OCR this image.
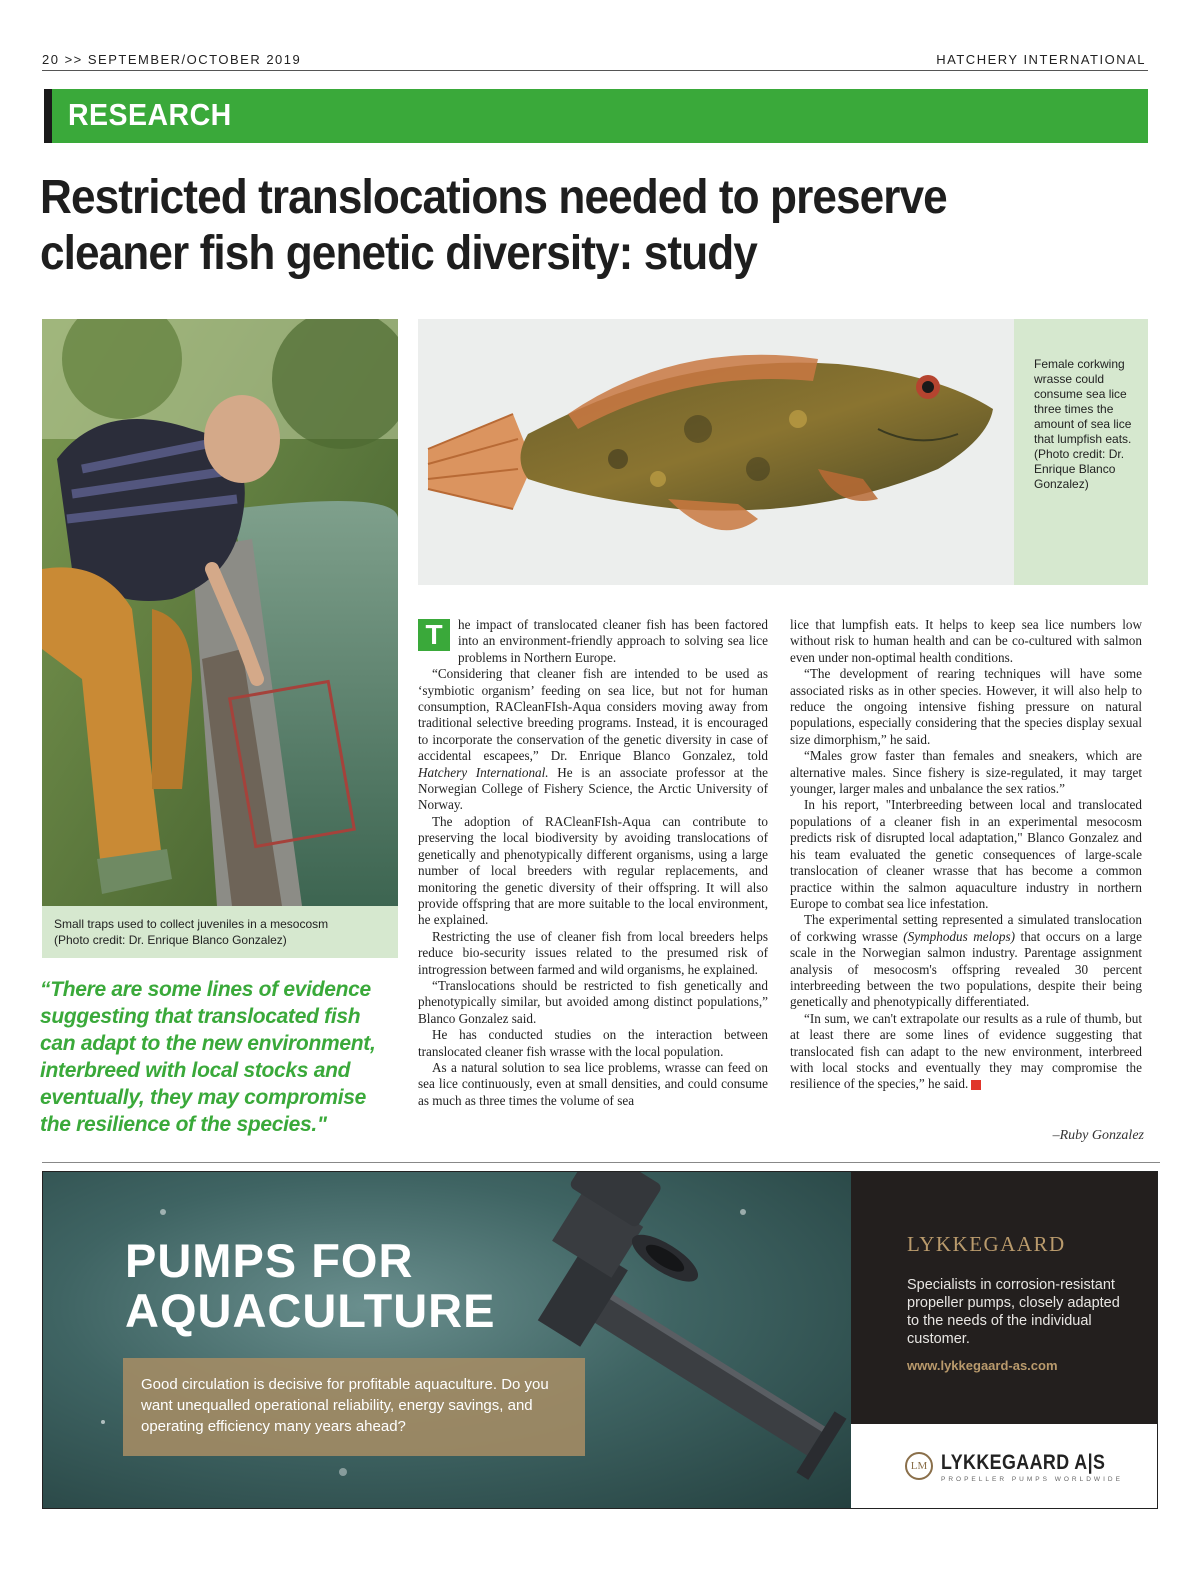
20 >> SEPTEMBER/OCTOBER 2019	HATCHERY INTERNATIONAL
RESEARCH
Restricted translocations needed to preserve
cleaner fish genetic diversity: study
Small traps used to collect juveniles in a mesocosm
(Photo credit: Dr. Enrique Blanco Gonzalez)
“There are some lines of evidence suggesting that translocated fish can adapt to the new environment, interbreed with local stocks and eventually, they may compromise the resilience of the species."
Female corkwing wrasse could consume sea lice three times the amount of sea lice that lumpfish eats. (Photo credit: Dr. Enrique Blanco Gonzalez)

T	he impact of translocated cleaner fish has been factored into an environment-friendly approach to solving sea lice problems in Northern Europe.

“Considering that cleaner fish are intended to be used as ‘symbiotic organism’ feeding on sea lice, but not for human consumption, RACleanFIsh-Aqua considers moving away from traditional selective breeding programs. Instead, it is encouraged to incorporate the conservation of the genetic diversity in case of accidental escapees,” Dr. Enrique Blanco Gonzalez, told Hatchery International. He is an associate professor at the Norwegian College of Fishery Science, the Arctic University of Norway.

The adoption of RACleanFIsh-Aqua can contribute to preserving the local biodiversity by avoiding translocations of genetically and phenotypically different organisms, using a large number of local breeders with regular replacements, and monitoring the genetic diversity of their offspring. It will also provide offspring that are more suitable to the local environment, he explained.

Restricting the use of cleaner fish from local breeders helps reduce bio-security issues related to the presumed risk of introgression between farmed and wild organisms, he explained.

“Translocations should be restricted to fish genetically and phenotypically similar, but avoided among distinct populations,” Blanco Gonzalez said.

He has conducted studies on the interaction between translocated cleaner fish wrasse with the local population.

As a natural solution to sea lice problems, wrasse can feed on sea lice continuously, even at small densities, and could consume as much as three times the volume of sea

lice that lumpfish eats. It helps to keep sea lice numbers low without risk to human health and can be co-cultured with salmon even under non-optimal health conditions.

“The development of rearing techniques will have some associated risks as in other species. However, it will also help to reduce the ongoing intensive fishing pressure on natural populations, especially considering that the species display sexual size dimorphism,” he said.

“Males grow faster than females and sneakers, which are alternative males. Since fishery is size-regulated, it may target younger, larger males and unbalance the sex ratios.”

In his report, "Interbreeding between local and translocated populations of a cleaner fish in an experimental mesocosm predicts risk of disrupted local adaptation," Blanco Gonzalez and his team evaluated the genetic consequences of large-scale translocation of cleaner wrasse that has become a common practice within the salmon aquaculture industry in northern Europe to combat sea lice infestation.

The experimental setting represented a simulated translocation of corkwing wrasse (Symphodus melops) that occurs on a large scale in the Norwegian salmon industry. Parentage assignment analysis of mesocosm's offspring revealed 30 percent interbreeding between the two populations, despite their being genetically and phenotypically differentiated.

“In sum, we can't extrapolate our results as a rule of thumb, but at least there are some lines of evidence suggesting that translocated fish can adapt to the new environment, interbreed with local stocks and eventually they may compromise the resilience of the species,” he said.

–Ruby Gonzalez
PUMPS FOR
AQUACULTURE
Good circulation is decisive for profitable aquaculture. Do you want unequalled operational reliability, energy savings, and operating efficiency many years ahead?
LYKKEGAARD
Specialists in corrosion-resistant propeller pumps, closely adapted to the needs of the individual customer.
www.lykkegaard-as.com
LM LYKKEGAARD A|S
PROPELLER PUMPS WORLDWIDE
